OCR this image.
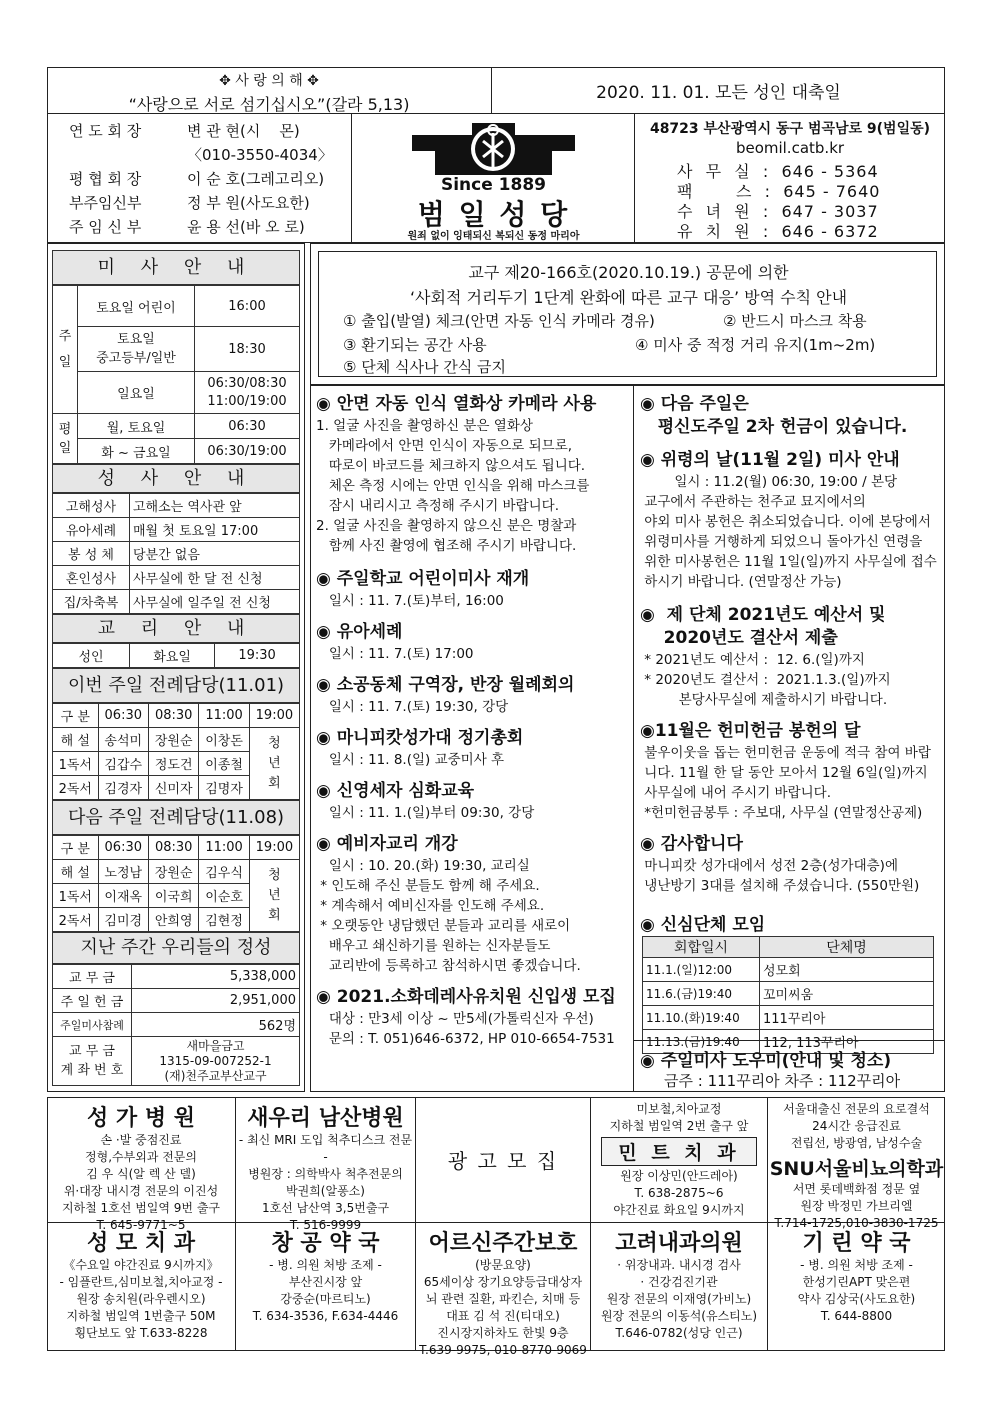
✥ 사 랑 의 해 ✥
“사랑으로 서로 섬기십시오”(갈라 5,13)
2020. 11. 01. 모든 성인 대축일
연 도 회 장	변 관 현(시    몬)
〈010-3550-4034〉
평 협 회 장	이 순 호(그레고리오)
부주임신부	정 부 원(사도요한)
주 임 신 부	윤 용 선(바 오 로)
Since 1889
범 일 성 당
원죄 없이 잉태되신 복되신 동정 마리아
48723 부산광역시 동구 범곡남로 9(범일동)
beomil.catb.kr
사  무  실  :  646 - 5364
팩       스  :  645 - 7640
수  녀  원  :  647 - 3037
유  치  원  :  646 - 6372
미 사 안 내
주 일	토요일 어린이	16:00
	토요일
중고등부/일반	18:30
	일요일	06:30/08:30
11:00/19:00
평 일	월, 토요일	06:30
	화 ~ 금요일	06:30/19:00
성 사 안 내
고해성사	고해소는 역사관 앞
유아세례	매월 첫 토요일 17:00
봉 성 체	당분간 없음
혼인성사	사무실에 한 달 전 신청
집/차축복	사무실에 일주일 전 신청
교 리 안 내
성인	화요일	19:30
이번 주일 전례담당(11.01)
구 분	06:30	08:30	11:00	19:00
해 설	송석미	장원순	이창돈	청
년
회
1독서	김갑수	정도건	이종철	
2독서	김경자	신미자	김명자	
다음 주일 전례담당(11.08)
구 분	06:30	08:30	11:00	19:00
해 설	노정남	장원순	김우식	청
년
회
1독서	이재옥	이국희	이순호	
2독서	김미경	안희영	김현정	
지난 주간 우리들의 정성
교 무 금	5,338,000
주 일 헌 금	2,951,000
주일미사참례	562명
교 무 금
계 좌 번 호	새마을금고
1315-09-007252-1
(재)천주교부산교구
교구 제20-166호(2020.10.19.) 공문에 의한
‘사회적 거리두기 1단계 완화에 따른 교구 대응’ 방역 수칙 안내
① 출입(발열) 체크(안면 자동 인식 카메라 경유)	② 반드시 마스크 착용
③ 환기되는 공간 사용	④ 미사 중 적정 거리 유지(1m~2m)
⑤ 단체 식사나 간식 금지
◉ 안면 자동 인식 열화상 카메라 사용
1. 얼굴 사진을 촬영하신 분은 열화상
카메라에서 안면 인식이 자동으로 되므로,
따로이 바코드를 체크하지 않으셔도 됩니다.
체온 측정 시에는 안면 인식을 위해 마스크를
잠시 내리시고 측정해 주시기 바랍니다.
2. 얼굴 사진을 촬영하지 않으신 분은 명찰과
함께 사진 촬영에 협조해 주시기 바랍니다.
◉ 주일학교 어린이미사 재개
일시 : 11. 7.(토)부터, 16:00
◉ 유아세례
일시 : 11. 7.(토) 17:00
◉ 소공동체 구역장, 반장 월례회의
일시 : 11. 7.(토) 19:30, 강당
◉ 마니피캇성가대 정기총회
일시 : 11. 8.(일) 교중미사 후
◉ 신영세자 심화교육
일시 : 11. 1.(일)부터 09:30, 강당
◉ 예비자교리 개강
일시 : 10. 20.(화) 19:30, 교리실
* 인도해 주신 분들도 함께 해 주세요.
* 계속해서 예비신자를 인도해 주세요.
* 오랫동안 냉담했던 분들과 교리를 새로이
배우고 쇄신하기를 원하는 신자분들도
교리반에 등록하고 참석하시면 좋겠습니다.
◉ 2021.소화데레사유치원 신입생 모집
대상 : 만3세 이상 ~ 만5세(가톨릭신자 우선)
문의 : T. 051)646-6372, HP 010-6654-7531
◉ 다음 주일은
평신도주일 2차 헌금이 있습니다.
◉ 위령의 날(11월 2일) 미사 안내
일시 : 11.2(월) 06:30, 19:00 / 본당
교구에서 주관하는 천주교 묘지에서의
야외 미사 봉헌은 취소되었습니다. 이에 본당에서
위령미사를 거행하게 되었으니 돌아가신 연령을
위한 미사봉헌은 11월 1일(일)까지 사무실에 접수
하시기 바랍니다. (연말정산 가능)
◉  제 단체 2021년도 예산서 및
2020년도 결산서 제출
* 2021년도 예산서 :  12. 6.(일)까지
* 2020년도 결산서 :  2021.1.3.(일)까지
본당사무실에 제출하시기 바랍니다.
◉11월은 헌미헌금 봉헌의 달
불우이웃을 돕는 헌미헌금 운동에 적극 참여 바랍
니다. 11월 한 달 동안 모아서 12월 6일(일)까지
사무실에 내어 주시기 바랍니다.
*헌미헌금봉투 : 주보대, 사무실 (연말정산공제)
◉ 감사합니다
마니피캇 성가대에서 성전 2층(성가대층)에
냉난방기 3대를 설치해 주셨습니다. (550만원)
◉ 신심단체 모임
회합일시	단체명
11.1.(일)12:00	성모회
11.6.(금)19:40	꼬미씨움
11.10.(화)19:40	111꾸리아
11.13.(금)19:40	112, 113꾸리아
◉ 주일미사 도우미(안내 및 청소)
금주 : 111꾸리아 차주 : 112꾸리아
성 가 병 원
손 ·발 중점진료
정형,수부외과 전문의
김 우 식(알 렉 산 델)
위·대장 내시경 전문의 이진성
지하철 1호선 범일역 9번 출구
T. 645-9771~5
새우리 남산병원
- 최신 MRI 도입 척추디스크 전문 -
병원장 : 의학박사 척추전문의
박권희(알퐁소)
1호선 남산역 3,5번출구
T. 516-9999
광 고 모 집
미보철,치아교정
지하철 범일역 2번 출구 앞
민 트 치 과
원장 이상민(안드레아)
T. 638-2875~6
야간진료 화요일 9시까지
서울대출신 전문의 요로결석
24시간 응급진료
전립선, 방광염, 남성수술
SNU서울비뇨의학과
서면 롯데백화점 정문 옆
원장 박정민 가브리엘
T.714-1725,010-3830-1725
성 모 치 과
《수요일 야간진료 9시까지》
- 임플란트,심미보철,치아교정 -
원장 송치원(라우렌시오)
지하철 범일역 1번출구 50M
횡단보도 앞 T.633-8228
창 공 약 국
- 병. 의원 처방 조제 -
부산진시장 앞
강중순(마르티노)
T. 634-3536, F.634-4446
어르신주간보호
(방문요양)
65세이상 장기요양등급대상자
뇌 관련 질환, 파킨슨, 치매 등
대표 김 석 진(티대오)
진시장지하차도 한빛 9층
T.639-9975, 010-8770-9069
고려내과의원
· 위장내과. 내시경 검사
· 건강검진기관
원장 전문의 이재영(가비노)
원장 전문의 이동석(유스티노)
T.646-0782(성당 인근)
기 린 약 국
- 병. 의원 처방 조제 -
한성기린APT 맞은편
약사 김상국(사도요한)
T. 644-8800
